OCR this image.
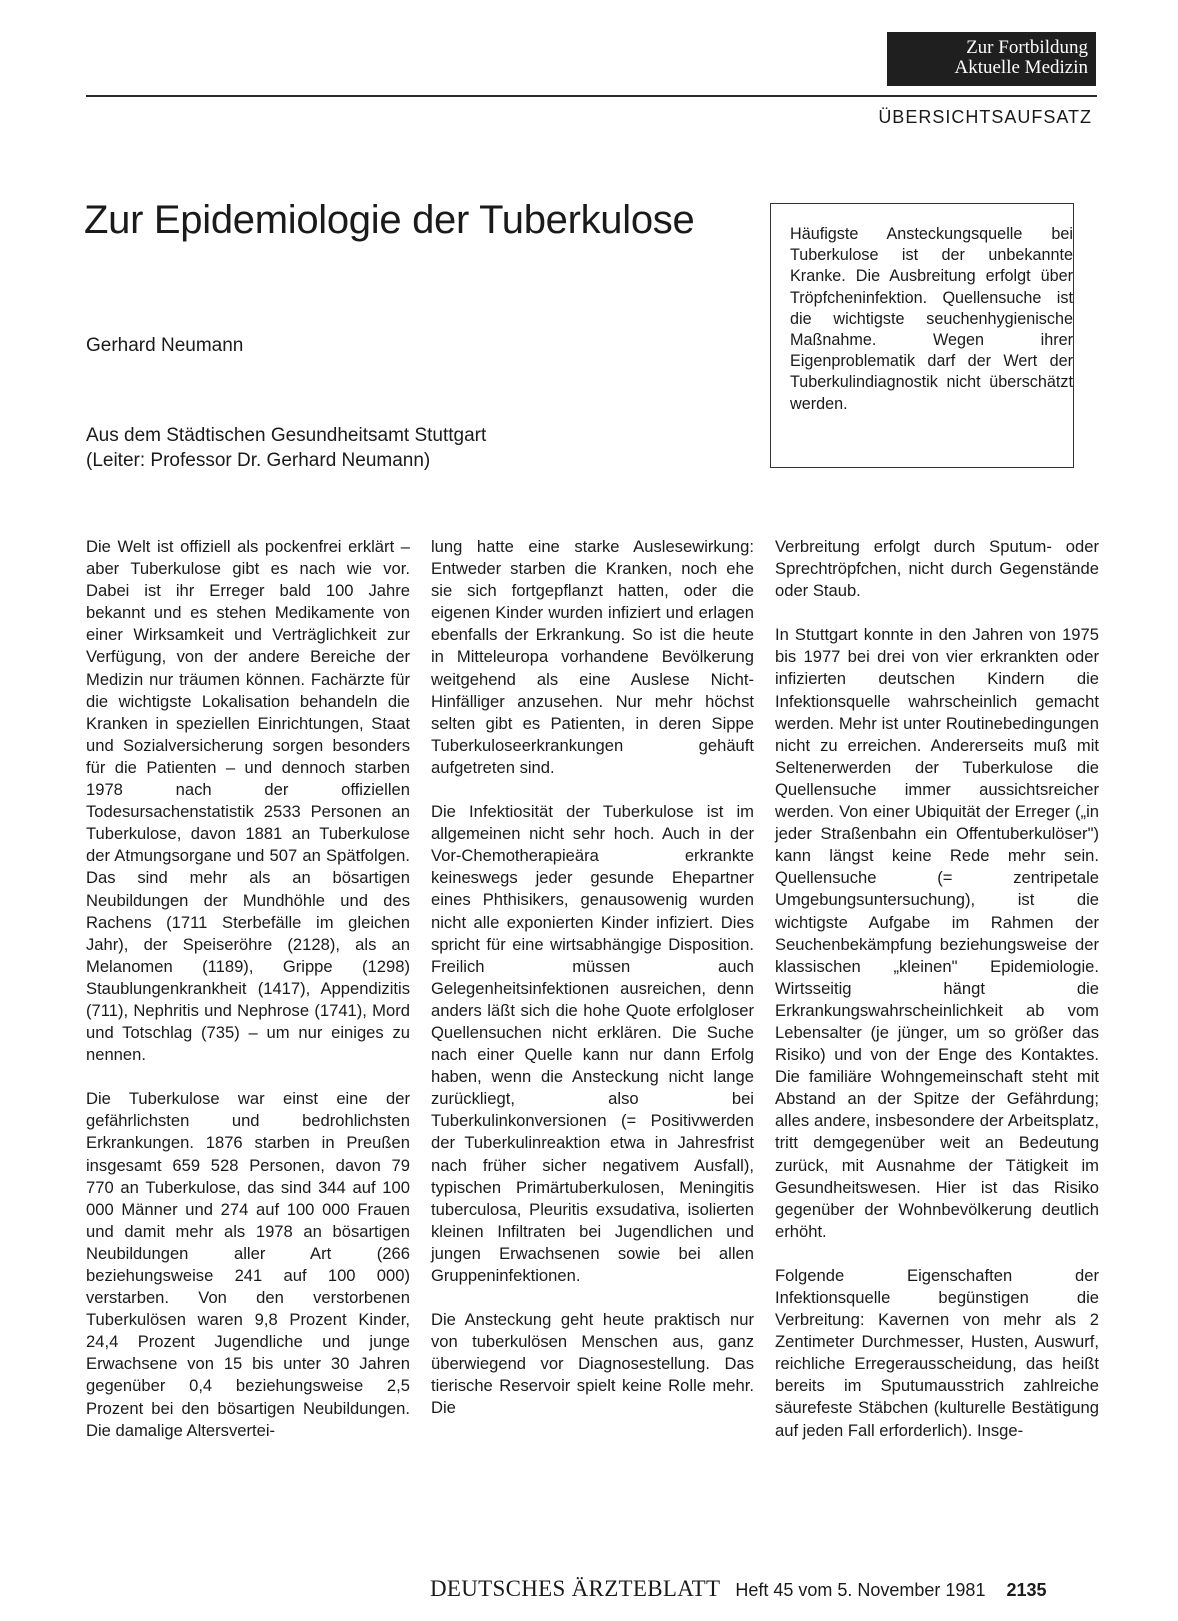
Zur Fortbildung
Aktuelle Medizin
ÜBERSICHTSAUFSATZ
Zur Epidemiologie der Tuberkulose
Gerhard Neumann
Aus dem Städtischen Gesundheitsamt Stuttgart
(Leiter: Professor Dr. Gerhard Neumann)
Häufigste Ansteckungsquelle bei Tuberkulose ist der unbekannte Kranke. Die Ausbreitung erfolgt über Tröpfcheninfektion. Quellensuche ist die wichtigste seuchenhygienische Maßnahme. Wegen ihrer Eigenproblematik darf der Wert der Tuberkulindiagnostik nicht überschätzt werden.

Die Welt ist offiziell als pockenfrei erklärt – aber Tuberkulose gibt es nach wie vor. Dabei ist ihr Erreger bald 100 Jahre bekannt und es stehen Medikamente von einer Wirksamkeit und Verträglichkeit zur Verfügung, von der andere Bereiche der Medizin nur träumen können. Fachärzte für die wichtigste Lokalisation behandeln die Kranken in speziellen Einrichtungen, Staat und Sozialversicherung sorgen besonders für die Patienten – und dennoch starben 1978 nach der offiziellen Todesursachenstatistik 2533 Personen an Tuberkulose, davon 1881 an Tuberkulose der Atmungsorgane und 507 an Spätfolgen. Das sind mehr als an bösartigen Neubildungen der Mundhöhle und des Rachens (1711 Sterbefälle im gleichen Jahr), der Speiseröhre (2128), als an Melanomen (1189), Grippe (1298) Staublungenkrankheit (1417), Appendizitis (711), Nephritis und Nephrose (1741), Mord und Totschlag (735) – um nur einiges zu nennen.

Die Tuberkulose war einst eine der gefährlichsten und bedrohlichsten Erkrankungen. 1876 starben in Preußen insgesamt 659 528 Personen, davon 79 770 an Tuberkulose, das sind 344 auf 100 000 Männer und 274 auf 100 000 Frauen und damit mehr als 1978 an bösartigen Neubildungen aller Art (266 beziehungsweise 241 auf 100 000) verstarben. Von den verstorbenen Tuberkulösen waren 9,8 Prozent Kinder, 24,4 Prozent Jugendliche und junge Erwachsene von 15 bis unter 30 Jahren gegenüber 0,4 beziehungsweise 2,5 Prozent bei den bösartigen Neubildungen. Die damalige Altersvertei-

lung hatte eine starke Auslesewirkung: Entweder starben die Kranken, noch ehe sie sich fortgepflanzt hatten, oder die eigenen Kinder wurden infiziert und erlagen ebenfalls der Erkrankung. So ist die heute in Mitteleuropa vorhandene Bevölkerung weitgehend als eine Auslese Nicht-Hinfälliger anzusehen. Nur mehr höchst selten gibt es Patienten, in deren Sippe Tuberkuloseerkrankungen gehäuft aufgetreten sind.

Die Infektiosität der Tuberkulose ist im allgemeinen nicht sehr hoch. Auch in der Vor-Chemotherapieära erkrankte keineswegs jeder gesunde Ehepartner eines Phthisikers, genausowenig wurden nicht alle exponierten Kinder infiziert. Dies spricht für eine wirtsabhängige Disposition. Freilich müssen auch Gelegenheitsinfektionen ausreichen, denn anders läßt sich die hohe Quote erfolgloser Quellensuchen nicht erklären. Die Suche nach einer Quelle kann nur dann Erfolg haben, wenn die Ansteckung nicht lange zurückliegt, also bei Tuberkulinkonversionen (= Positivwerden der Tuberkulinreaktion etwa in Jahresfrist nach früher sicher negativem Ausfall), typischen Primärtuberkulosen, Meningitis tuberculosa, Pleuritis exsudativa, isolierten kleinen Infiltraten bei Jugendlichen und jungen Erwachsenen sowie bei allen Gruppeninfektionen.

Die Ansteckung geht heute praktisch nur von tuberkulösen Menschen aus, ganz überwiegend vor Diagnosestellung. Das tierische Reservoir spielt keine Rolle mehr. Die

Verbreitung erfolgt durch Sputum- oder Sprechtröpfchen, nicht durch Gegenstände oder Staub.

In Stuttgart konnte in den Jahren von 1975 bis 1977 bei drei von vier erkrankten oder infizierten deutschen Kindern die Infektionsquelle wahrscheinlich gemacht werden. Mehr ist unter Routinebedingungen nicht zu erreichen. Andererseits muß mit Seltenerwerden der Tuberkulose die Quellensuche immer aussichtsreicher werden. Von einer Ubiquität der Erreger („in jeder Straßenbahn ein Offentuberkulöser") kann längst keine Rede mehr sein. Quellensuche (= zentripetale Umgebungsuntersuchung), ist die wichtigste Aufgabe im Rahmen der Seuchenbekämpfung beziehungsweise der klassischen „kleinen" Epidemiologie. Wirtsseitig hängt die Erkrankungswahrscheinlichkeit ab vom Lebensalter (je jünger, um so größer das Risiko) und von der Enge des Kontaktes. Die familiäre Wohngemeinschaft steht mit Abstand an der Spitze der Gefährdung; alles andere, insbesondere der Arbeitsplatz, tritt demgegenüber weit an Bedeutung zurück, mit Ausnahme der Tätigkeit im Gesundheitswesen. Hier ist das Risiko gegenüber der Wohnbevölkerung deutlich erhöht.

Folgende Eigenschaften der Infektionsquelle begünstigen die Verbreitung: Kavernen von mehr als 2 Zentimeter Durchmesser, Husten, Auswurf, reichliche Erregerausscheidung, das heißt bereits im Sputumausstrich zahlreiche säurefeste Stäbchen (kulturelle Bestätigung auf jeden Fall erforderlich). Insge-

DEUTSCHES ÄRZTEBLATT Heft 45 vom 5. November 1981 2135
